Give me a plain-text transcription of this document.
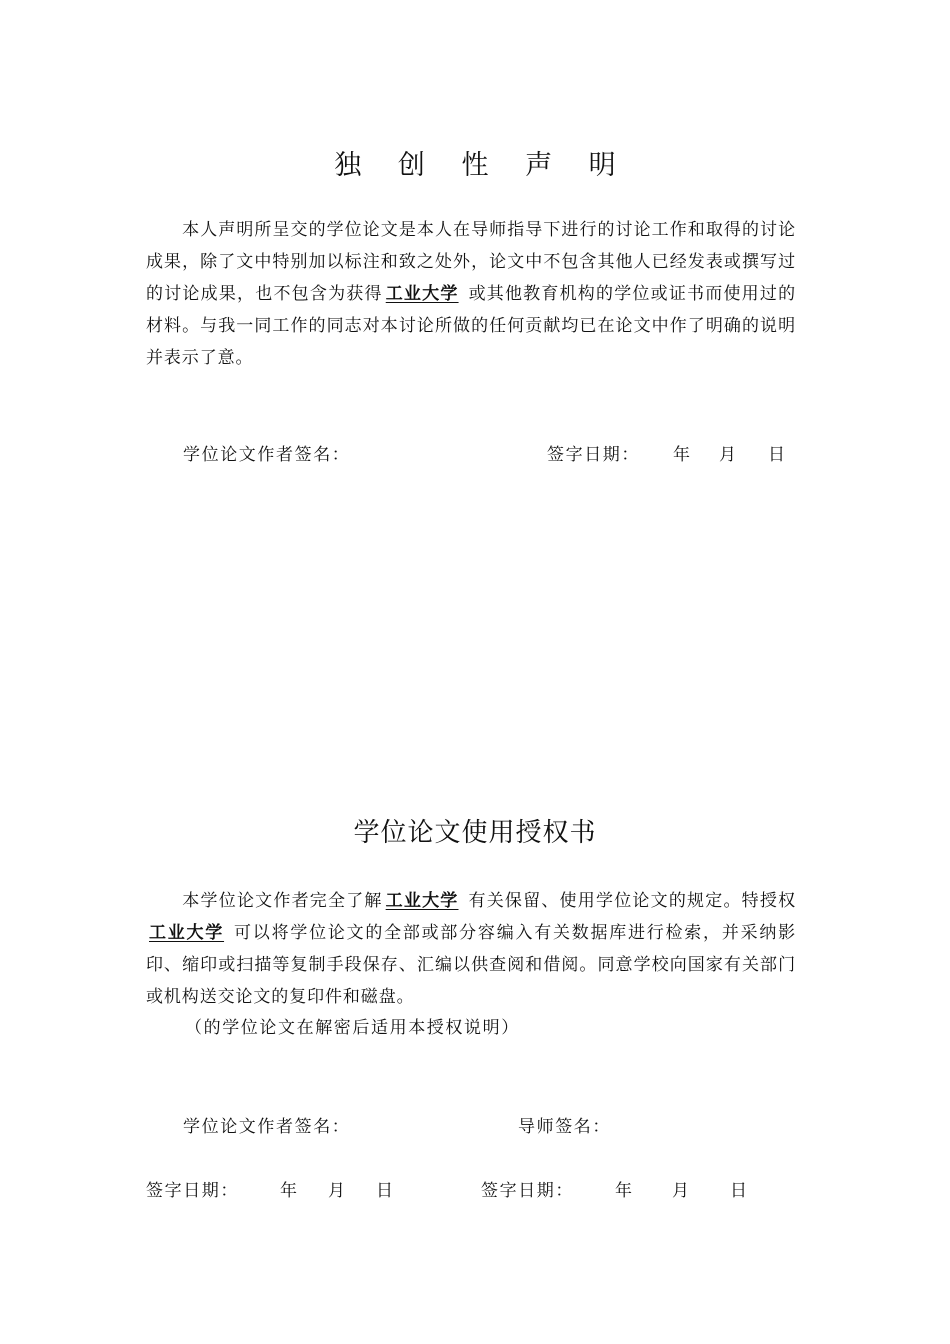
独 创 性 声 明
本人声明所呈交的学位论文是本人在导师指导下进行的讨论工作和取得的讨论成果，除了文中特别加以标注和致之处外，论文中不包含其他人已经发表或撰写过的讨论成果，也不包含为获得 工业大学 或其他教育机构的学位或证书而使用过的材料。与我一同工作的同志对本讨论所做的任何贡献均已在论文中作了明确的说明并表示了意。
学位论文作者签名：	签字日期： 年 月 日
学位论文使用授权书
本学位论文作者完全了解 工业大学 有关保留、使用学位论文的规定。特授权工业大学 可以将学位论文的全部或部分容编入有关数据库进行检索，并采纳影印、缩印或扫描等复制手段保存、汇编以供查阅和借阅。同意学校向国家有关部门或机构送交论文的复印件和磁盘。
（的学位论文在解密后适用本授权说明）
学位论文作者签名：	导师签名：
签字日期： 年 月 日	签字日期： 年 月 日
